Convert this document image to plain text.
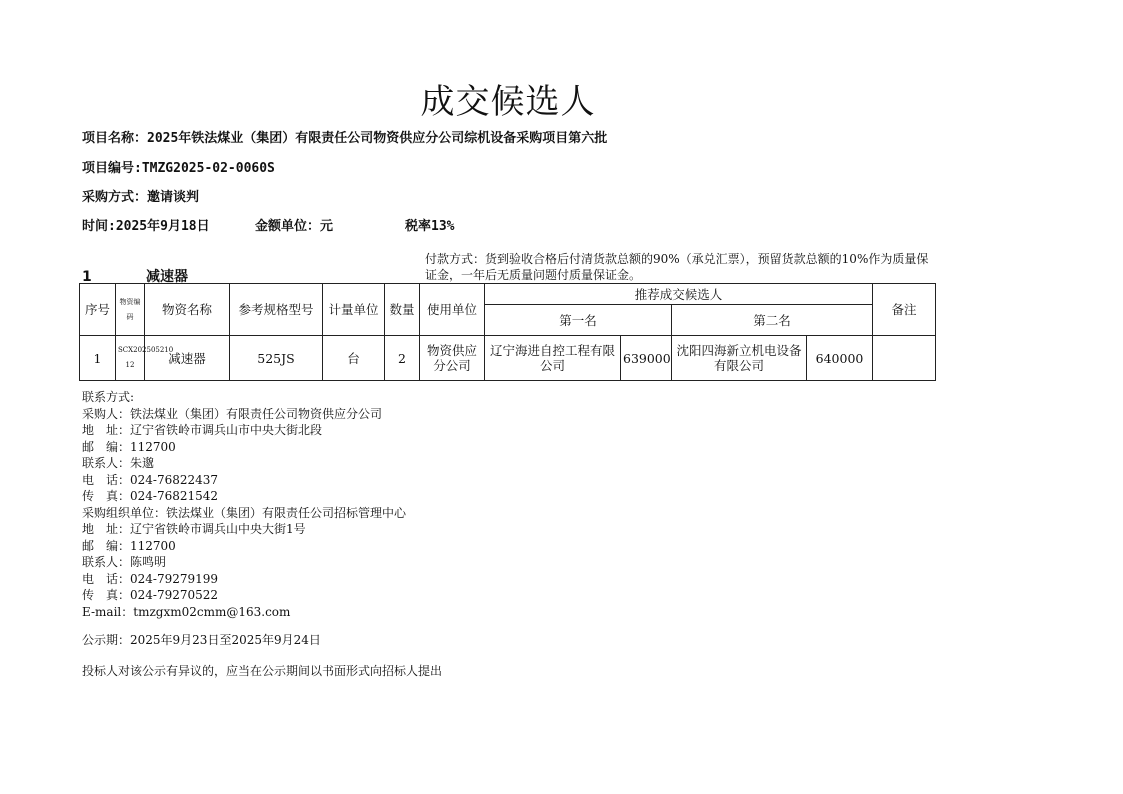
成交候选人
项目名称：2025年铁法煤业（集团）有限责任公司物资供应分公司综机设备采购项目第六批
项目编号:TMZG2025-02-0060S
采购方式：邀请谈判
时间:2025年9月18日	金额单位：元	税率13%
1	减速器
付款方式：货到验收合格后付清货款总额的90%（承兑汇票），预留货款总额的10%作为质量保证金，一年后无质量问题付质量保证金。
序号	物资编码	物资名称	参考规格型号	计量单位	数量	使用单位	推荐成交候选人				备注
							第一名		第二名		
1	SCX202505210 12	减速器	525JS	台	2	物资供应分公司	辽宁海进自控工程有限公司	639000	沈阳四海新立机电设备有限公司	640000	
联系方式:
采购人：铁法煤业（集团）有限责任公司物资供应分公司
地　址：辽宁省铁岭市调兵山市中央大街北段
邮　编：112700
联系人：朱邈
电　话：024-76822437
传　真：024-76821542
采购组织单位：铁法煤业（集团）有限责任公司招标管理中心
地　址：辽宁省铁岭市调兵山中央大街1号
邮　编：112700
联系人：陈鸣明
电　话：024-79279199
传　真：024-79270522
E-mail：tmzgxm02cmm@163.com
公示期：2025年9月23日至2025年9月24日
投标人对该公示有异议的，应当在公示期间以书面形式向招标人提出
